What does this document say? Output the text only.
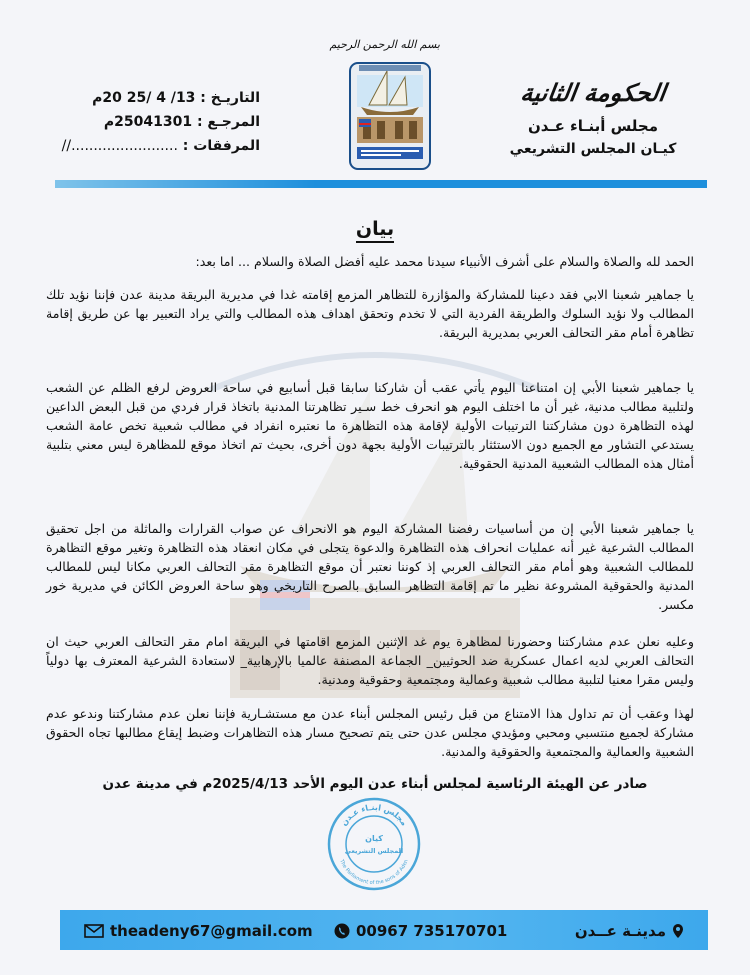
الحكومة الثانية
مجلس أبنـاء عـدن
كيـان المجلس التشريعي
بسم الله الرحمن الرحيم
التاريـخ : 13/ 4 /25 20م
المرجـع : 25041301م
المرفقات : ........................//
بيان
الحمد لله والصلاة والسلام على أشرف الأنبياء سيدنا محمد عليه أفضل الصلاة والسلام ... اما بعد:
يا جماهير شعبنا الابي فقد دعينا للمشاركة والمؤازرة للتظاهر المزمع إقامته غدا في مديرية البريقة مدينة عدن فإننا نؤيد تلك المطالب ولا نؤيد السلوك والطريقة الفردية التي لا تخدم وتحقق اهداف هذه المطالب والتي يراد التعبير بها عن طريق إقامة تظاهرة أمام مقر التحالف العربي بمديرية البريقة.
يا جماهير شعبنا الأبي إن امتناعنا اليوم يأتي عقب أن شاركنا سابقا قبل أسابيع في ساحة العروض لرفع الظلم عن الشعب ولتلبية مطالب مدنية، غير أن ما اختلف اليوم هو انحرف خط سـير تظاهرتنا المدنية باتخاذ قرار فردي من قبل البعض الداعين لهذه التظاهرة دون مشاركتنا الترتيبات الأولية لإقامة هذه التظاهرة ما نعتبره انفراد في مطالب شعبية تخص عامة الشعب يستدعي التشاور مع الجميع دون الاستئثار بالترتيبات الأولية بجهة دون أخرى، بحيث تم اتخاذ موقع للمظاهرة ليس معني بتلبية أمثال هذه المطالب الشعبية المدنية الحقوقية.
يا جماهير شعبنا الأبي إن من أساسيات رفضنا المشاركة اليوم هو الانحراف عن صواب القرارات والماثلة من اجل تحقيق المطالب الشرعية غير أنه عمليات انحراف هذه التظاهرة والدعوة يتجلى في مكان انعقاد هذه التظاهرة وتغير موقع التظاهرة للمطالب الشعبية وهو أمام مقر التحالف العربي إذ كوننا نعتبر أن موقع التظاهرة مقر التحالف العربي مكانا ليس للمطالب المدنية والحقوقية المشروعة نظير ما تم إقامة التظاهر السابق بالصرح التاريخي وهو ساحة العروض الكائن في مديرية خور مكسر.
وعليه نعلن عدم مشاركتنا وحضورنا لمظاهرة يوم غد الإثنين المزمع اقامتها في البريقة امام مقر التحالف العربي حيث ان التحالف العربي لديه اعمال عسكرية ضد الحوثيين_ الجماعة المصنفة عالميا بالإرهابية_ لاستعادة الشرعية المعترف بها دولياً وليس مقرا معنيا لتلبية مطالب شعبية وعمالية ومجتمعية وحقوقية ومدنية.
لهذا وعقب أن تم تداول هذا الامتناع من قبل رئيس المجلس أبناء عدن مع مستشـارية فإننا نعلن عدم مشاركتنا وندعو عدم مشاركة لجميع منتسبي ومحبي ومؤيدي مجلس عدن حتى يتم تصحيح مسار هذه التظاهرات وضبط إيقاع مطالبها تجاه الحقوق الشعبية والعمالية والمجتمعية والحقوقية والمدنية.
صادر عن الهيئة الرئاسية لمجلس أبناء عدن اليوم الأحد 2025/4/13م في مدينة عدن
مجلس ابنـاء عـدن
The Parliament of the sons of Aden
كيان
المجلس التشريعي
theadeny67@gmail.com	00967 735170701	مدينـة عــدن
